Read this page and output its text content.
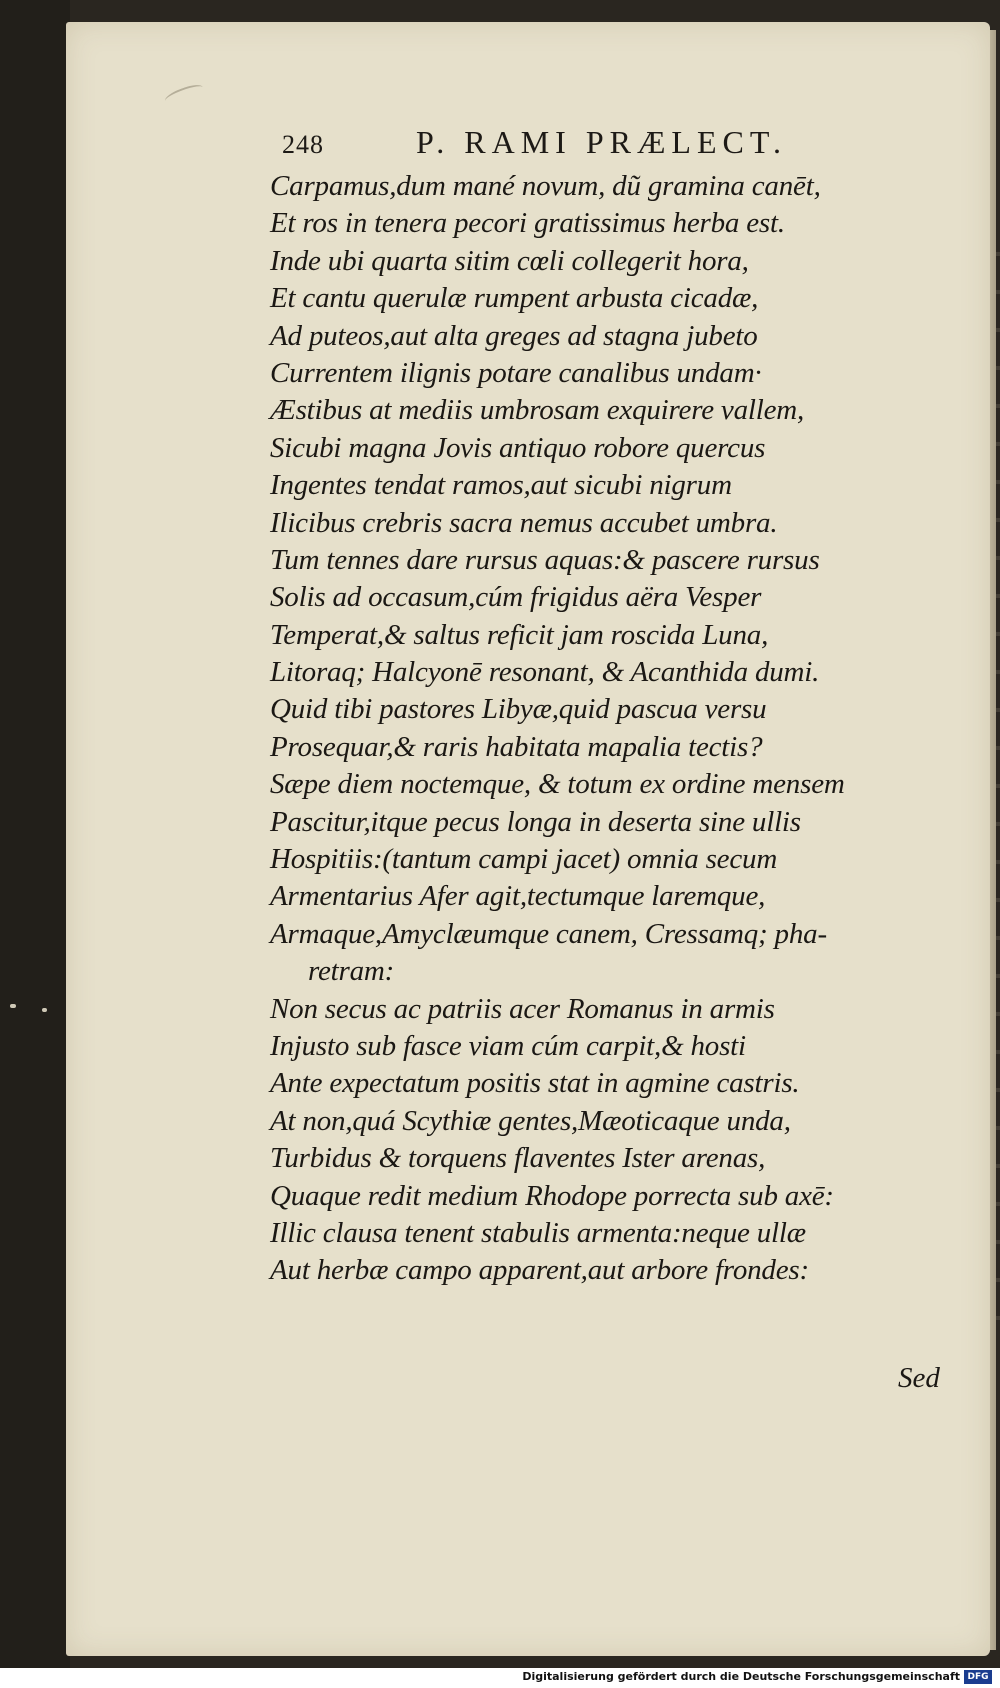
248	P. RAMI PRÆLECT.
Carpamus,dum mané novum, dũ gramina canēt,
Et ros in tenera pecori gratissimus herba est.
Inde ubi quarta sitim cœli collegerit hora,
Et cantu querulæ rumpent arbusta cicadæ,
Ad puteos,aut alta greges ad stagna jubeto
Currentem ilignis potare canalibus undam·
Æstibus at mediis umbrosam exquirere vallem,
Sicubi magna Jovis antiquo robore quercus
Ingentes tendat ramos,aut sicubi nigrum
Ilicibus crebris sacra nemus accubet umbra.
Tum tennes dare rursus aquas:& pascere rursus
Solis ad occasum,cúm frigidus aëra Vesper
Temperat,& saltus reficit jam roscida Luna,
Litoraq; Halcyonē resonant, & Acanthida dumi.
Quid tibi pastores Libyæ,quid pascua versu
Prosequar,& raris habitata mapalia tectis?
Sæpe diem noctemque, & totum ex ordine mensem
Pascitur,itque pecus longa in deserta sine ullis
Hospitiis:(tantum campi jacet) omnia secum
Armentarius Afer agit,tectumque laremque,
Armaque,Amyclæumque canem, Cressamq; pha-
retram:
Non secus ac patriis acer Romanus in armis
Injusto sub fasce viam cúm carpit,& hosti
Ante expectatum positis stat in agmine castris.
At non,quá Scythiæ gentes,Mæoticaque unda,
Turbidus & torquens flaventes Ister arenas,
Quaque redit medium Rhodope porrecta sub axē:
Illic clausa tenent stabulis armenta:neque ullæ
Aut herbæ campo apparent,aut arbore frondes:
Sed
Digitalisierung gefördert durch die Deutsche Forschungsgemeinschaft DFG
